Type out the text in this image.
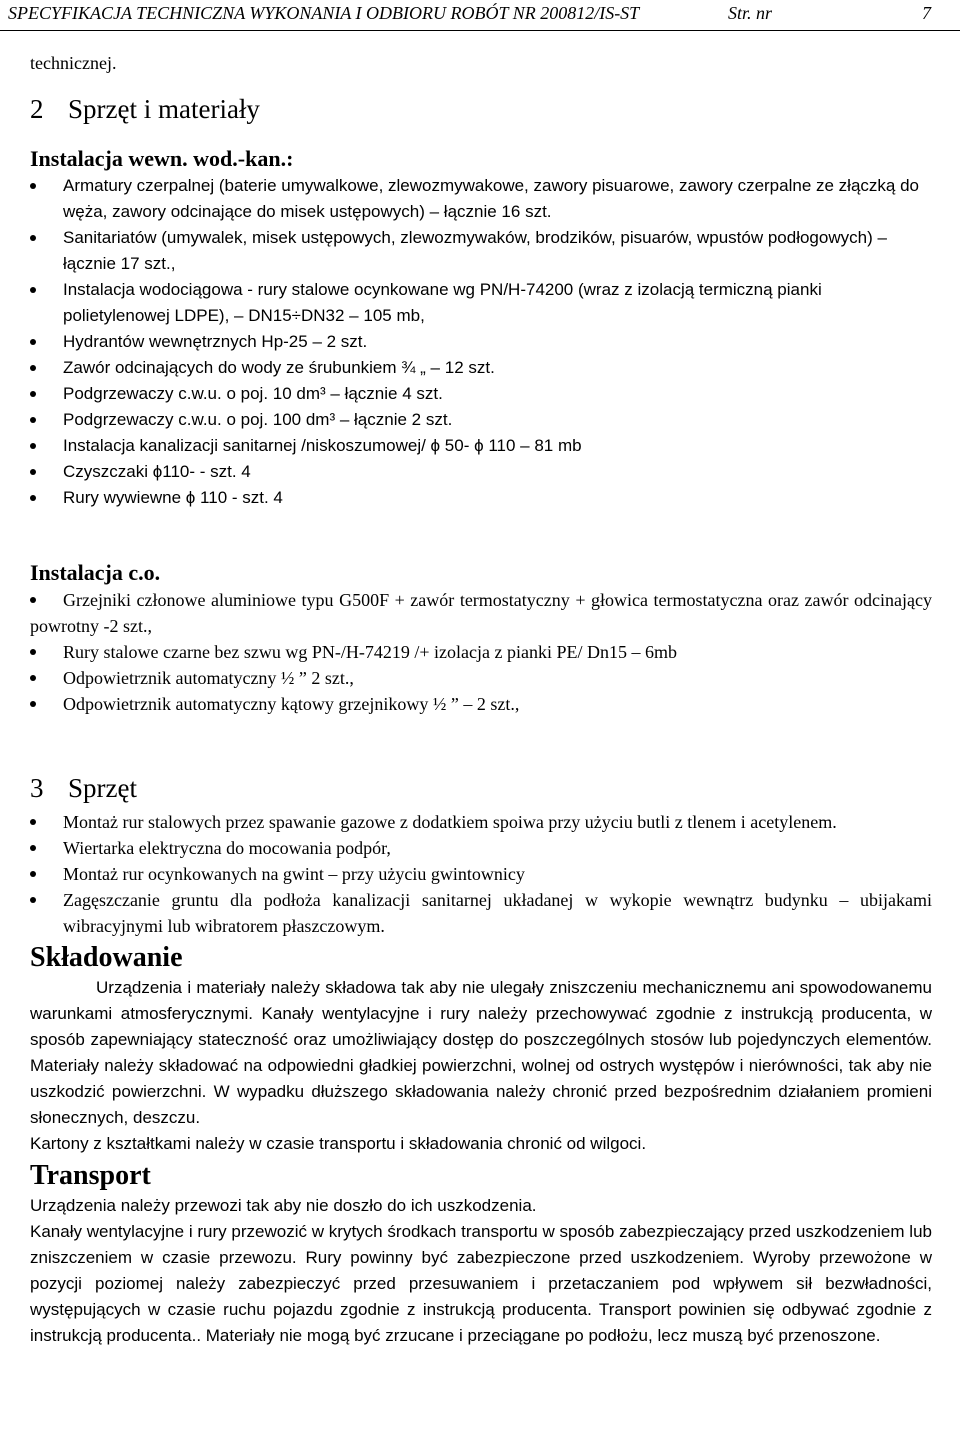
SPECYFIKACJA TECHNICZNA WYKONANIA I ODBIORU ROBÓT NR 200812/IS-ST	Str. nr	7
technicznej.
2 Sprzęt i materiały
Instalacja wewn. wod.-kan.:
Armatury czerpalnej (baterie umywalkowe, zlewozmywakowe, zawory pisuarowe, zawory czerpalne ze złączką do węża, zawory odcinające do misek ustępowych) – łącznie 16 szt.
Sanitariatów (umywalek, misek ustępowych, zlewozmywaków, brodzików, pisuarów, wpustów podłogowych) – łącznie 17 szt.,
Instalacja wodociągowa - rury stalowe ocynkowane wg PN/H-74200 (wraz z izolacją termiczną pianki polietylenowej LDPE), – DN15÷DN32 – 105 mb,
Hydrantów wewnętrznych Hp-25 – 2 szt.
Zawór odcinających do wody ze śrubunkiem ¾ „ – 12 szt.
Podgrzewaczy c.w.u. o poj. 10 dm³ – łącznie 4 szt.
Podgrzewaczy c.w.u. o poj. 100 dm³ – łącznie 2 szt.
Instalacja kanalizacji sanitarnej /niskoszumowej/ ϕ 50- ϕ 110 – 81 mb
Czyszczaki ϕ110- - szt. 4
Rury wywiewne ϕ 110 - szt. 4
Instalacja c.o.
Grzejniki członowe aluminiowe typu G500F + zawór termostatyczny + głowica termostatyczna oraz zawór odcinający powrotny -2 szt.,
Rury stalowe czarne bez szwu wg PN-/H-74219 /+ izolacja z pianki PE/ Dn15 – 6mb
Odpowietrznik automatyczny ½ ” 2 szt.,
Odpowietrznik automatyczny kątowy grzejnikowy ½ ” – 2 szt.,
3 Sprzęt
Montaż rur stalowych przez spawanie gazowe z dodatkiem spoiwa przy użyciu butli z tlenem i acetylenem.
Wiertarka elektryczna do mocowania podpór,
Montaż rur ocynkowanych na gwint – przy użyciu gwintownicy
Zagęszczanie gruntu dla podłoża kanalizacji sanitarnej układanej w wykopie wewnątrz budynku – ubijakami wibracyjnymi lub wibratorem płaszczowym.
Składowanie

Urządzenia i materiały należy składowa tak aby nie ulegały zniszczeniu mechanicznemu ani spowodowanemu warunkami atmosferycznymi. Kanały wentylacyjne i rury należy przechowywać zgodnie z instrukcją producenta, w sposób zapewniający stateczność oraz umożliwiający dostęp do poszczególnych stosów lub pojedynczych elementów. Materiały należy składować na odpowiedni gładkiej powierzchni, wolnej od ostrych występów i nierówności, tak aby nie uszkodzić powierzchni. W wypadku dłuższego składowania należy chronić przed bezpośrednim działaniem promieni słonecznych, deszczu.

Kartony z kształtkami należy w czasie transportu i składowania chronić od wilgoci.

Transport

Urządzenia należy przewozi tak aby nie doszło do ich uszkodzenia.

Kanały wentylacyjne i rury przewozić w krytych środkach transportu w sposób zabezpieczający przed uszkodzeniem lub zniszczeniem w czasie przewozu. Rury powinny być zabezpieczone przed uszkodzeniem. Wyroby przewożone w pozycji poziomej należy zabezpieczyć przed przesuwaniem i przetaczaniem pod wpływem sił bezwładności, występujących w czasie ruchu pojazdu zgodnie z instrukcją producenta. Transport powinien się odbywać zgodnie z instrukcją producenta.. Materiały nie mogą być zrzucane i przeciągane po podłożu, lecz muszą być przenoszone.
